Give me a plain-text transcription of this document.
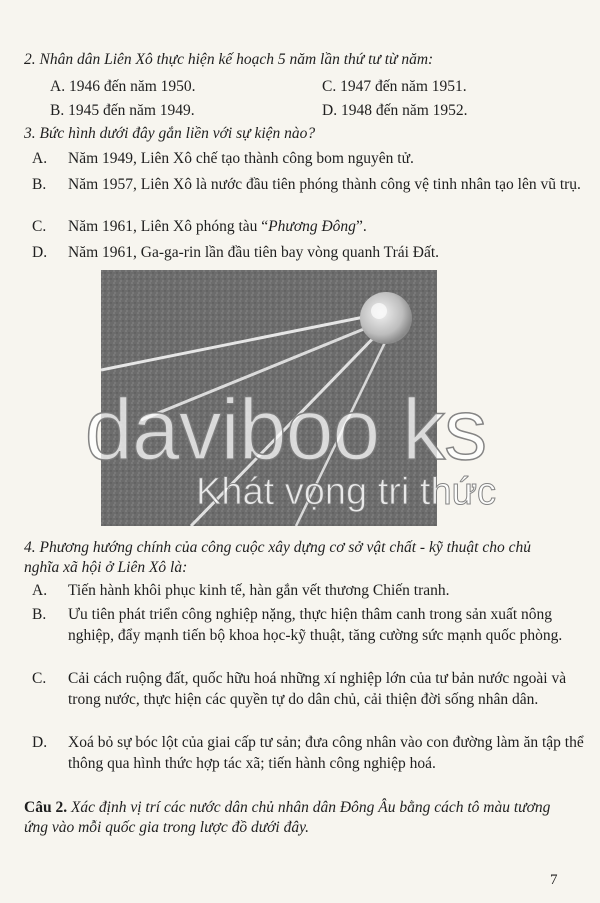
2. Nhân dân Liên Xô thực hiện kế hoạch 5 năm lần thứ tư từ năm:
A. 1946 đến năm 1950.	C. 1947 đến năm 1951.
B. 1945 đến năm 1949.	D. 1948 đến năm 1952.
3. Bức hình dưới đây gắn liền với sự kiện nào?
A. Năm 1949, Liên Xô chế tạo thành công bom nguyên tử.
B. Năm 1957, Liên Xô là nước đầu tiên phóng thành công vệ tinh nhân tạo lên vũ trụ.
C. Năm 1961, Liên Xô phóng tàu “Phương Đông”.
D. Năm 1961, Ga-ga-rin lần đầu tiên bay vòng quanh Trái Đất.
daviboo ks
Khát vọng tri thức
4. Phương hướng chính của công cuộc xây dựng cơ sở vật chất - kỹ thuật cho chủ nghĩa xã hội ở Liên Xô là:
A. Tiến hành khôi phục kinh tế, hàn gắn vết thương Chiến tranh.
B. Ưu tiên phát triển công nghiệp nặng, thực hiện thâm canh trong sản xuất nông nghiệp, đẩy mạnh tiến bộ khoa học-kỹ thuật, tăng cường sức mạnh quốc phòng.
C. Cải cách ruộng đất, quốc hữu hoá những xí nghiệp lớn của tư bản nước ngoài và trong nước, thực hiện các quyền tự do dân chủ, cải thiện đời sống nhân dân.
D. Xoá bỏ sự bóc lột của giai cấp tư sản; đưa công nhân vào con đường làm ăn tập thể thông qua hình thức hợp tác xã; tiến hành công nghiệp hoá.
Câu 2. Xác định vị trí các nước dân chủ nhân dân Đông Âu bằng cách tô màu tương ứng vào mỗi quốc gia trong lược đồ dưới đây.
7
